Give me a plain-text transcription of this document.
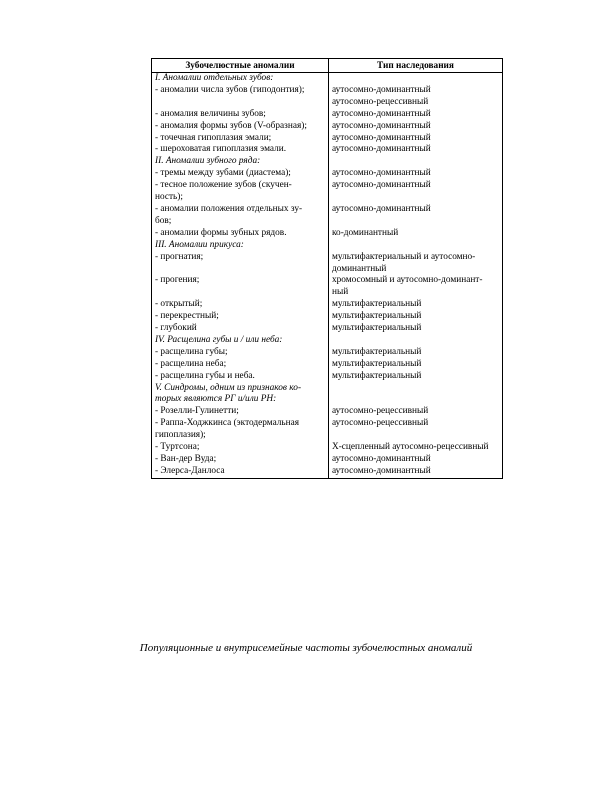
Зубочелюстные аномалии	Тип наследования
I. Аномалии отдельных зубов:	
- аномалии числа зубов (гиподонтия);	аутосомно-доминантный
	аутосомно-рецессивный
- аномалия величины зубов;	аутосомно-доминантный
- аномалия формы зубов (V-образная);	аутосомно-доминантный
- точечная гипоплазия эмали;	аутосомно-доминантный
- шероховатая гипоплазия эмали.	аутосомно-доминантный
II. Аномалии зубного ряда:	
- тремы между зубами (диастема);	аутосомно-доминантный
- тесное положение зубов (скучен-	аутосомно-доминантный
ность);	
- аномалии положения отдельных зу-	аутосомно-доминантный
бов;	
- аномалии формы зубных рядов.	ко-доминантный
III. Аномалии прикуса:	
- прогнатия;	мультифактериальный и аутосомно-
	доминантный
- прогения;	хромосомный и аутосомно-доминант-
	ный
- открытый;	мультифактериальный
- перекрестный;	мультифактериальный
- глубокий	мультифактериальный
IV. Расщелина губы и / или неба:	
- расщелина губы;	мультифактериальный
- расщелина неба;	мультифактериальный
- расщелина губы и неба.	мультифактериальный
V. Синдромы, одним из признаков ко-	
торых являются РГ и/или РН:	
- Розелли-Гулинетти;	аутосомно-рецессивный
- Раппа-Ходжкинса (эктодермальная	аутосомно-рецессивный
гипоплазия);	
- Туртсона;	Х-сцепленный аутосомно-рецессивный
- Ван-дер Вуда;	аутосомно-доминантный
- Элерса-Данлоса	аутосомно-доминантный
Популяционные и внутрисемейные частоты зубочелюстных аномалий
